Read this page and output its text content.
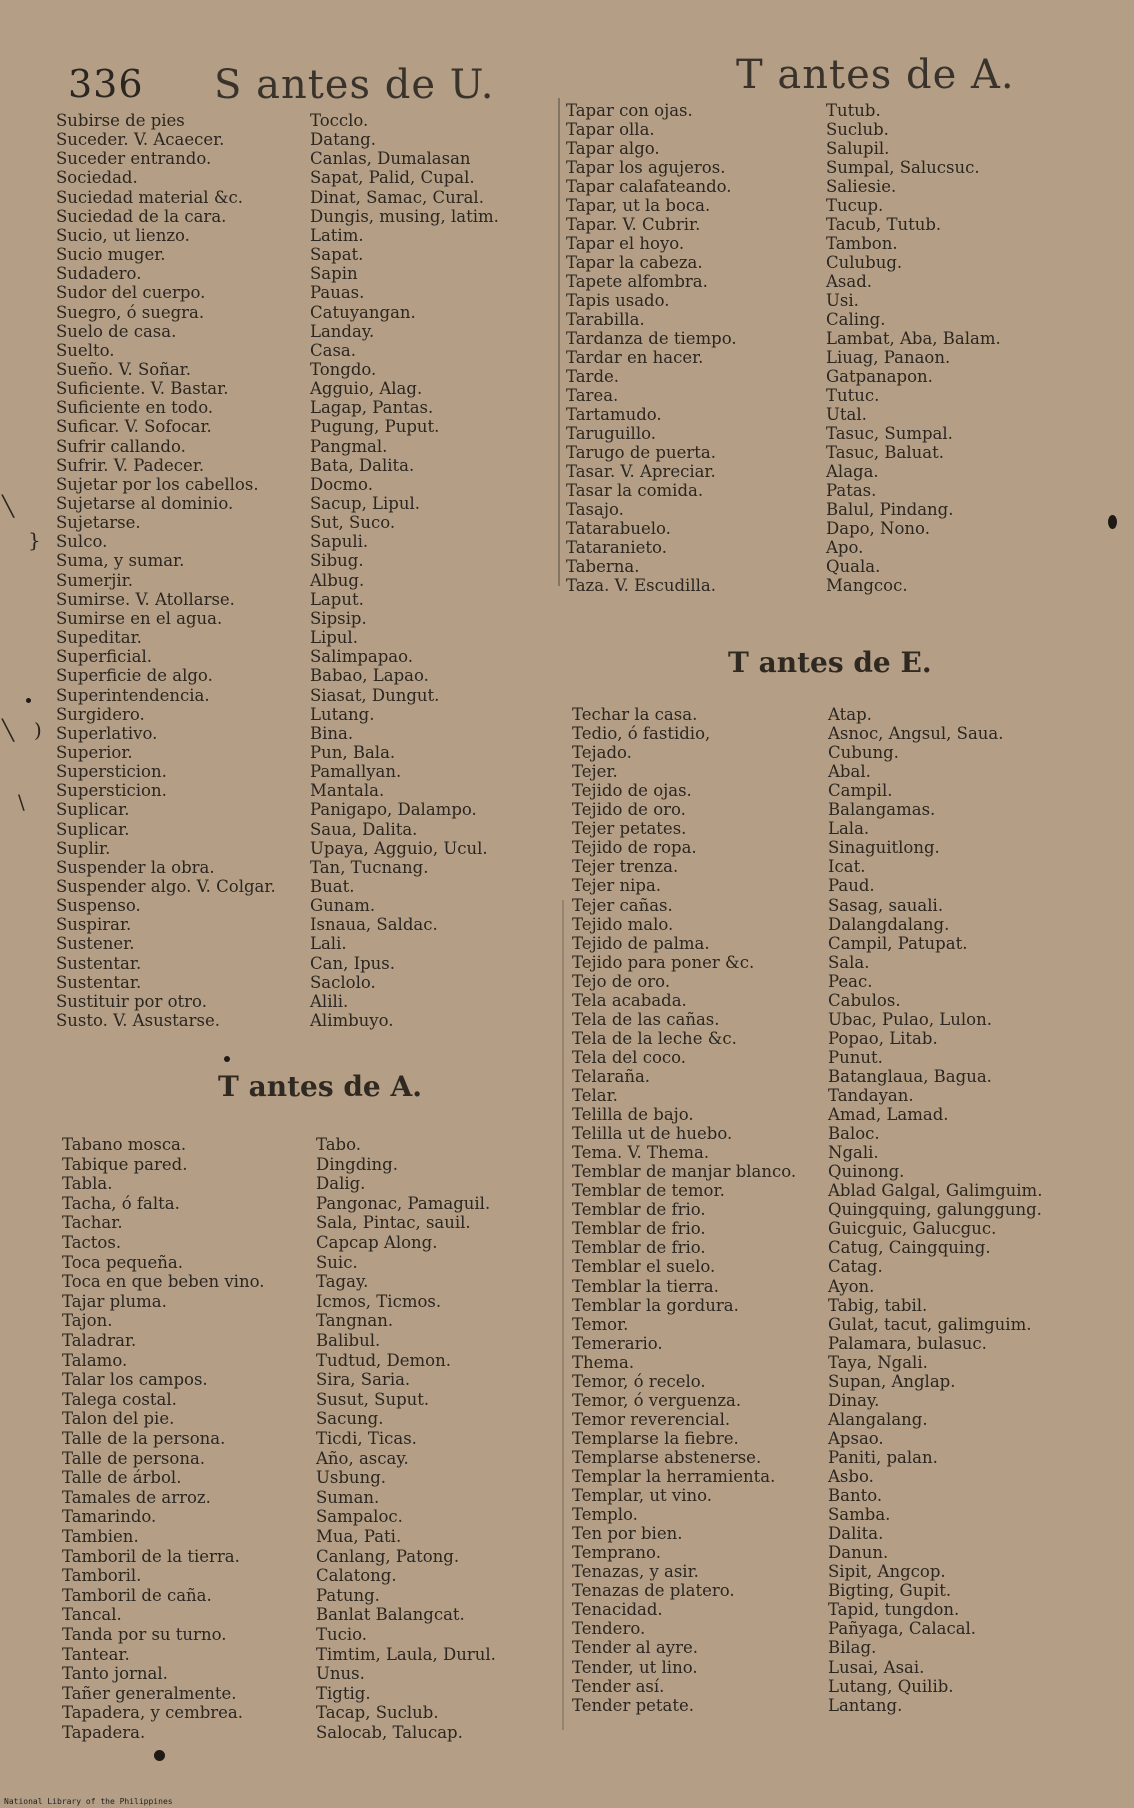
336 S antes de U.	T antes de A.
Subirse de pies	Tocclo.
Suceder. V. Acaecer.	Datang.
Suceder entrando.	Canlas, Dumalasan
Sociedad.	Sapat, Palid, Cupal.
Suciedad material &c.	Dinat, Samac, Cural.
Suciedad de la cara.	Dungis, musing, latim.
Sucio, ut lienzo.	Latim.
Sucio muger.	Sapat.
Sudadero.	Sapin
Sudor del cuerpo.	Pauas.
Suegro, ó suegra.	Catuyangan.
Suelo de casa.	Landay.
Suelto.	Casa.
Sueño. V. Soñar.	Tongdo.
Suficiente. V. Bastar.	Agguio, Alag.
Suficiente en todo.	Lagap, Pantas.
Suficar. V. Sofocar.	Pugung, Puput.
Sufrir callando.	Pangmal.
Sufrir. V. Padecer.	Bata, Dalita.
Sujetar por los cabellos.	Docmo.
Sujetarse al dominio.	Sacup, Lipul.
Sujetarse.	Sut, Suco.
Sulco.	Sapuli.
Suma, y sumar.	Sibug.
Sumerjir.	Albug.
Sumirse. V. Atollarse.	Laput.
Sumirse en el agua.	Sipsip.
Supeditar.	Lipul.
Superficial.	Salimpapao.
Superficie de algo.	Babao, Lapao.
Superintendencia.	Siasat, Dungut.
Surgidero.	Lutang.
Superlativo.	Bina.
Superior.	Pun, Bala.
Supersticion.	Pamallyan.
Supersticion.	Mantala.
Suplicar.	Panigapo, Dalampo.
Suplicar.	Saua, Dalita.
Suplir.	Upaya, Agguio, Ucul.
Suspender la obra.	Tan, Tucnang.
Suspender algo. V. Colgar. Buat.
Suspenso.	Gunam.
Suspirar.	Isnaua, Saldac.
Sustener.	Lali.
Sustentar.	Can, Ipus.
Sustentar.	Saclolo.
Sustituir por otro.	Alili.
Susto. V. Asustarse.	Alimbuyo.
T antes de A.
Tabano mosca.	Tabo.
Tabique pared.	Dingding.
Tabla.	Dalig.
Tacha, ó falta.	Pangonac, Pamaguil.
Tachar.	Sala, Pintac, sauil.
Tactos.	Capcap Along.
Toca pequeña.	Suic.
Toca en que beben vino.	Tagay.
Tajar pluma.	Icmos, Ticmos.
Tajon.	Tangnan.
Taladrar.	Balibul.
Talamo.	Tudtud, Demon.
Talar los campos.	Sira, Saria.
Talega costal.	Susut, Suput.
Talon del pie.	Sacung.
Talle de la persona.	Ticdi, Ticas.
Talle de persona.	Año, ascay.
Talle de árbol.	Usbung.
Tamales de arroz.	Suman.
Tamarindo.	Sampaloc.
Tambien.	Mua, Pati.
Tamboril de la tierra.	Canlang, Patong.
Tamboril.	Calatong.
Tamboril de caña.	Patung.
Tancal.	Banlat Balangcat.
Tanda por su turno.	Tucio.
Tantear.	Timtim, Laula, Durul.
Tanto jornal.	Unus.
Tañer generalmente.	Tigtig.
Tapadera, y cembrea.	Tacap, Suclub.
Tapadera.	Salocab, Talucap.
Tapar con ojas.	Tutub.
Tapar olla.	Suclub.
Tapar algo.	Salupil.
Tapar los agujeros.	Sumpal, Salucsuc.
Tapar calafateando.	Saliesie.
Tapar, ut la boca.	Tucup.
Tapar. V. Cubrir.	Tacub, Tutub.
Tapar el hoyo.	Tambon.
Tapar la cabeza.	Culubug.
Tapete alfombra.	Asad.
Tapis usado.	Usi.
Tarabilla.	Caling.
Tardanza de tiempo.	Lambat, Aba, Balam.
Tardar en hacer.	Liuag, Panaon.
Tarde.	Gatpanapon.
Tarea.	Tutuc.
Tartamudo.	Utal.
Taruguillo.	Tasuc, Sumpal.
Tarugo de puerta.	Tasuc, Baluat.
Tasar. V. Apreciar.	Alaga.
Tasar la comida.	Patas.
Tasajo.	Balul, Pindang.
Tatarabuelo.	Dapo, Nono.
Tataranieto.	Apo.
Taberna.	Quala.
Taza. V. Escudilla.	Mangcoc.
T antes de E.
Techar la casa.	Atap.
Tedio, ó fastidio,	Asnoc, Angsul, Saua.
Tejado.	Cubung.
Tejer.	Abal.
Tejido de ojas.	Campil.
Tejido de oro.	Balangamas.
Tejer petates.	Lala.
Tejido de ropa.	Sinaguitlong.
Tejer trenza.	Icat.
Tejer nipa.	Paud.
Tejer cañas.	Sasag, sauali.
Tejido malo.	Dalangdalang.
Tejido de palma.	Campil, Patupat.
Tejido para poner &c.	Sala.
Tejo de oro.	Peac.
Tela acabada.	Cabulos.
Tela de las cañas.	Ubac, Pulao, Lulon.
Tela de la leche &c.	Popao, Litab.
Tela del coco.	Punut.
Telaraña.	Batanglaua, Bagua.
Telar.	Tandayan.
Telilla de bajo.	Amad, Lamad.
Telilla ut de huebo.	Baloc.
Tema. V. Thema.	Ngali.
Temblar de manjar blanco. Quinong.
Temblar de temor.	Ablad Galgal, Galimguim.
Temblar de frio.	Quingquing, galunggung.
Temblar de frio.	Guicguic, Galucguc.
Temblar de frio.	Catug, Caingquing.
Temblar el suelo.	Catag.
Temblar la tierra.	Ayon.
Temblar la gordura.	Tabig, tabil.
Temor.	Gulat, tacut, galimguim.
Temerario.	Palamara, bulasuc.
Thema.	Taya, Ngali.
Temor, ó recelo.	Supan, Anglap.
Temor, ó verguenza.	Dinay.
Temor reverencial.	Alangalang.
Templarse la fiebre.	Apsao.
Templarse abstenerse.	Paniti, palan.
Templar la herramienta.	Asbo.
Templar, ut vino.	Banto.
Templo.	Samba.
Ten por bien.	Dalita.
Temprano.	Danun.
Tenazas, y asir.	Sipit, Angcop.
Tenazas de platero.	Bigting, Gupit.
Tenacidad.	Tapid, tungdon.
Tendero.	Pañyaga, Calacal.
Tender al ayre.	Bilag.
Tender, ut lino.	Lusai, Asai.
Tender así.	Lutang, Quilib.
Tender petate.	Lantang.
╲
}
╲ )
\
National Library of the Philippines
